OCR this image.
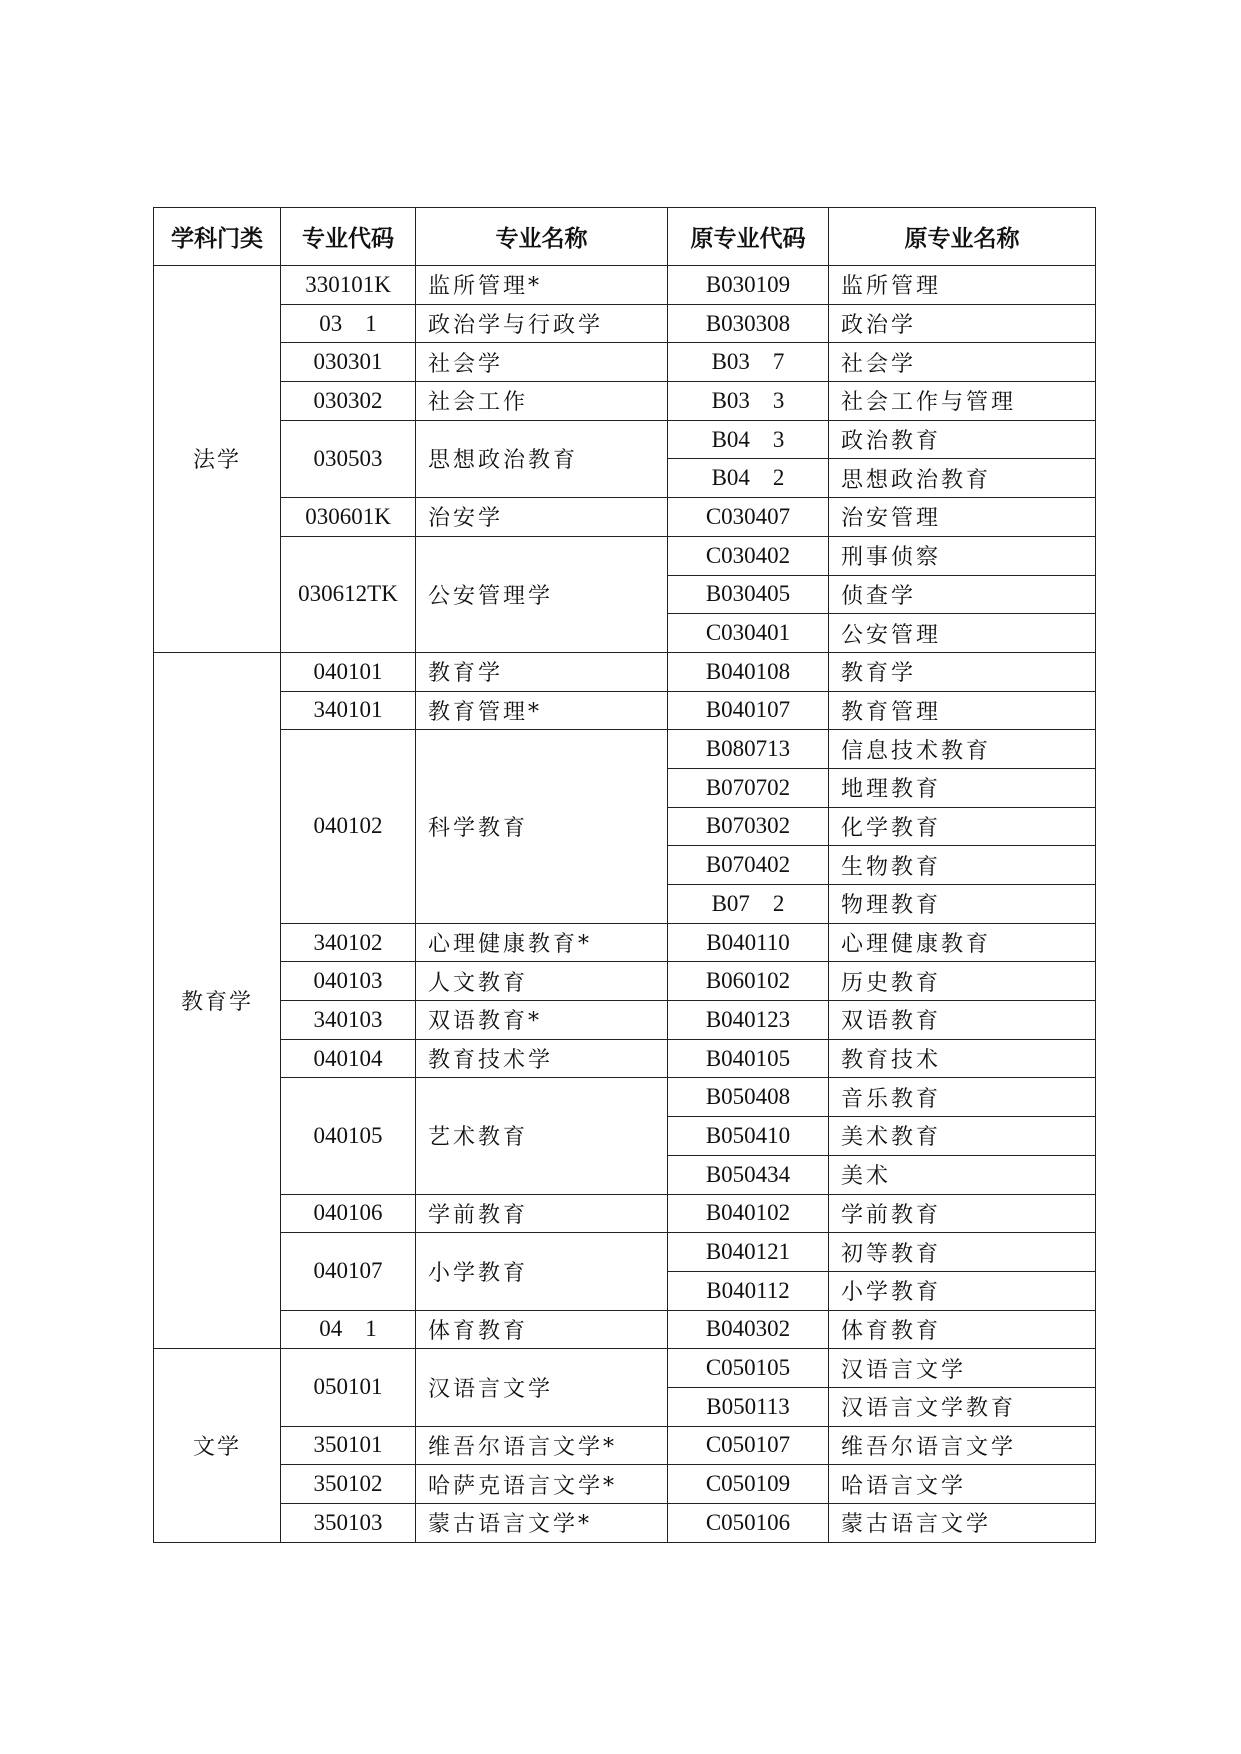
学科门类	专业代码	专业名称	原专业代码	原专业名称
法学	330101K	监所管理*	B030109	监所管理
	03    1	政治学与行政学	B030308	政治学
	030301	社会学	B03    7	社会学
	030302	社会工作	B03    3	社会工作与管理
	030503	思想政治教育	B04    3	政治教育
			B04    2	思想政治教育
	030601K	治安学	C030407	治安管理
	030612TK	公安管理学	C030402	刑事侦察
			B030405	侦查学
			C030401	公安管理
教育学	040101	教育学	B040108	教育学
	340101	教育管理*	B040107	教育管理
	040102	科学教育	B080713	信息技术教育
			B070702	地理教育
			B070302	化学教育
			B070402	生物教育
			B07    2	物理教育
	340102	心理健康教育*	B040110	心理健康教育
	040103	人文教育	B060102	历史教育
	340103	双语教育*	B040123	双语教育
	040104	教育技术学	B040105	教育技术
	040105	艺术教育	B050408	音乐教育
			B050410	美术教育
			B050434	美术
	040106	学前教育	B040102	学前教育
	040107	小学教育	B040121	初等教育
			B040112	小学教育
	04    1	体育教育	B040302	体育教育
文学	050101	汉语言文学	C050105	汉语言文学
			B050113	汉语言文学教育
	350101	维吾尔语言文学*	C050107	维吾尔语言文学
	350102	哈萨克语言文学*	C050109	哈语言文学
	350103	蒙古语言文学*	C050106	蒙古语言文学
